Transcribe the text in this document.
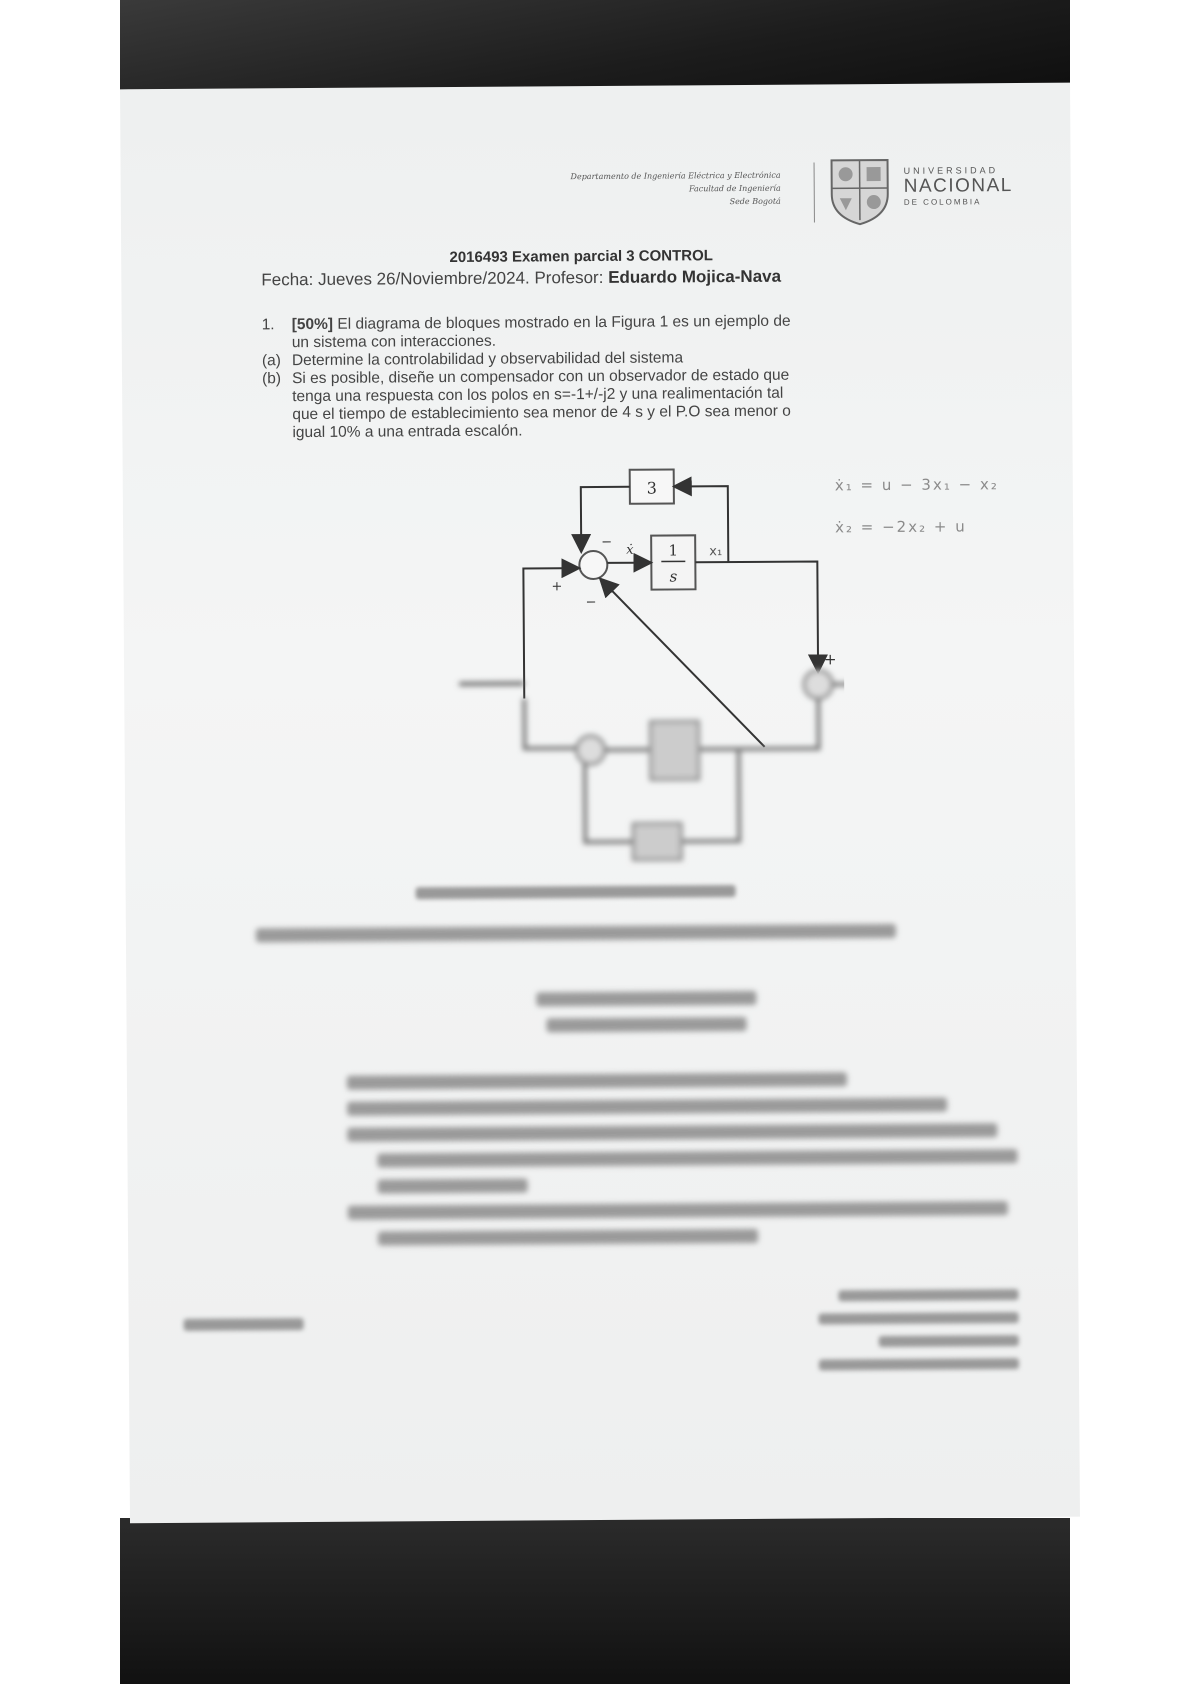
Departamento de Ingeniería Eléctrica y Electrónica
Facultad de Ingeniería
Sede Bogotá
UNIVERSIDAD
NACIONAL
DE COLOMBIA
2016493 Examen parcial 3 CONTROL
Fecha: Jueves 26/Noviembre/2024. Profesor: Eduardo Mojica-Nava
1.	[50%] El diagrama de bloques mostrado en la Figura 1 es un ejemplo de
un sistema con interacciones.
(a) Determine la controlabilidad y observabilidad del sistema
(b) Si es posible, diseñe un compensador con un observador de estado que
tenga una respuesta con los polos en s=-1+/-j2 y una realimentación tal
que el tiempo de establecimiento sea menor de 4 s y el P.O sea menor o
igual 10% a una entrada escalón.
ẋ₁ = u − 3x₁ − x₂
ẋ₂ = −2x₂ + u
3
1
s
ẋ	x₁
+
−
+
−
